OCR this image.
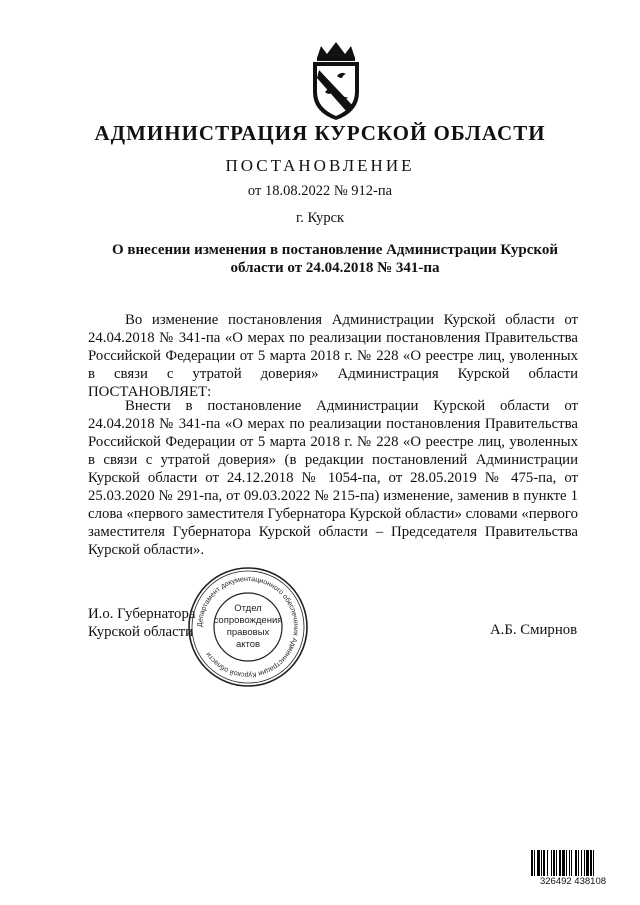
АДМИНИСТРАЦИЯ КУРСКОЙ ОБЛАСТИ
ПОСТАНОВЛЕНИЕ
от 18.08.2022 № 912-па
г. Курск
О внесении изменения в постановление Администрации Курской области от 24.04.2018 № 341-па

Во изменение постановления Администрации Курской области от 24.04.2018 № 341-па «О мерах по реализации постановления Правительства Российской Федерации от 5 марта 2018 г. № 228 «О реестре лиц, уволенных в связи с утратой доверия» Администрация Курской области ПОСТАНОВЛЯЕТ:

Внести в постановление Администрации Курской области от 24.04.2018 № 341-па «О мерах по реализации постановления Правительства Российской Федерации от 5 марта 2018 г. № 228 «О реестре лиц, уволенных в связи с утратой доверия» (в редакции постановлений Администрации Курской области от 24.12.2018 № 1054-па, от 28.05.2019 № 475-па, от 25.03.2020 № 291-па, от 09.03.2022 № 215-па) изменение, заменив в пункте 1 слова «первого заместителя Губернатора Курской области» словами «первого заместителя Губернатора Курской области – Председателя Правительства Курской области».

И.о. Губернатора
Курской области	А.Б. Смирнов
Департамент документационного обеспечения Администрации Курской области
Отдел
сопровождения
правовых
актов
326492 438108
